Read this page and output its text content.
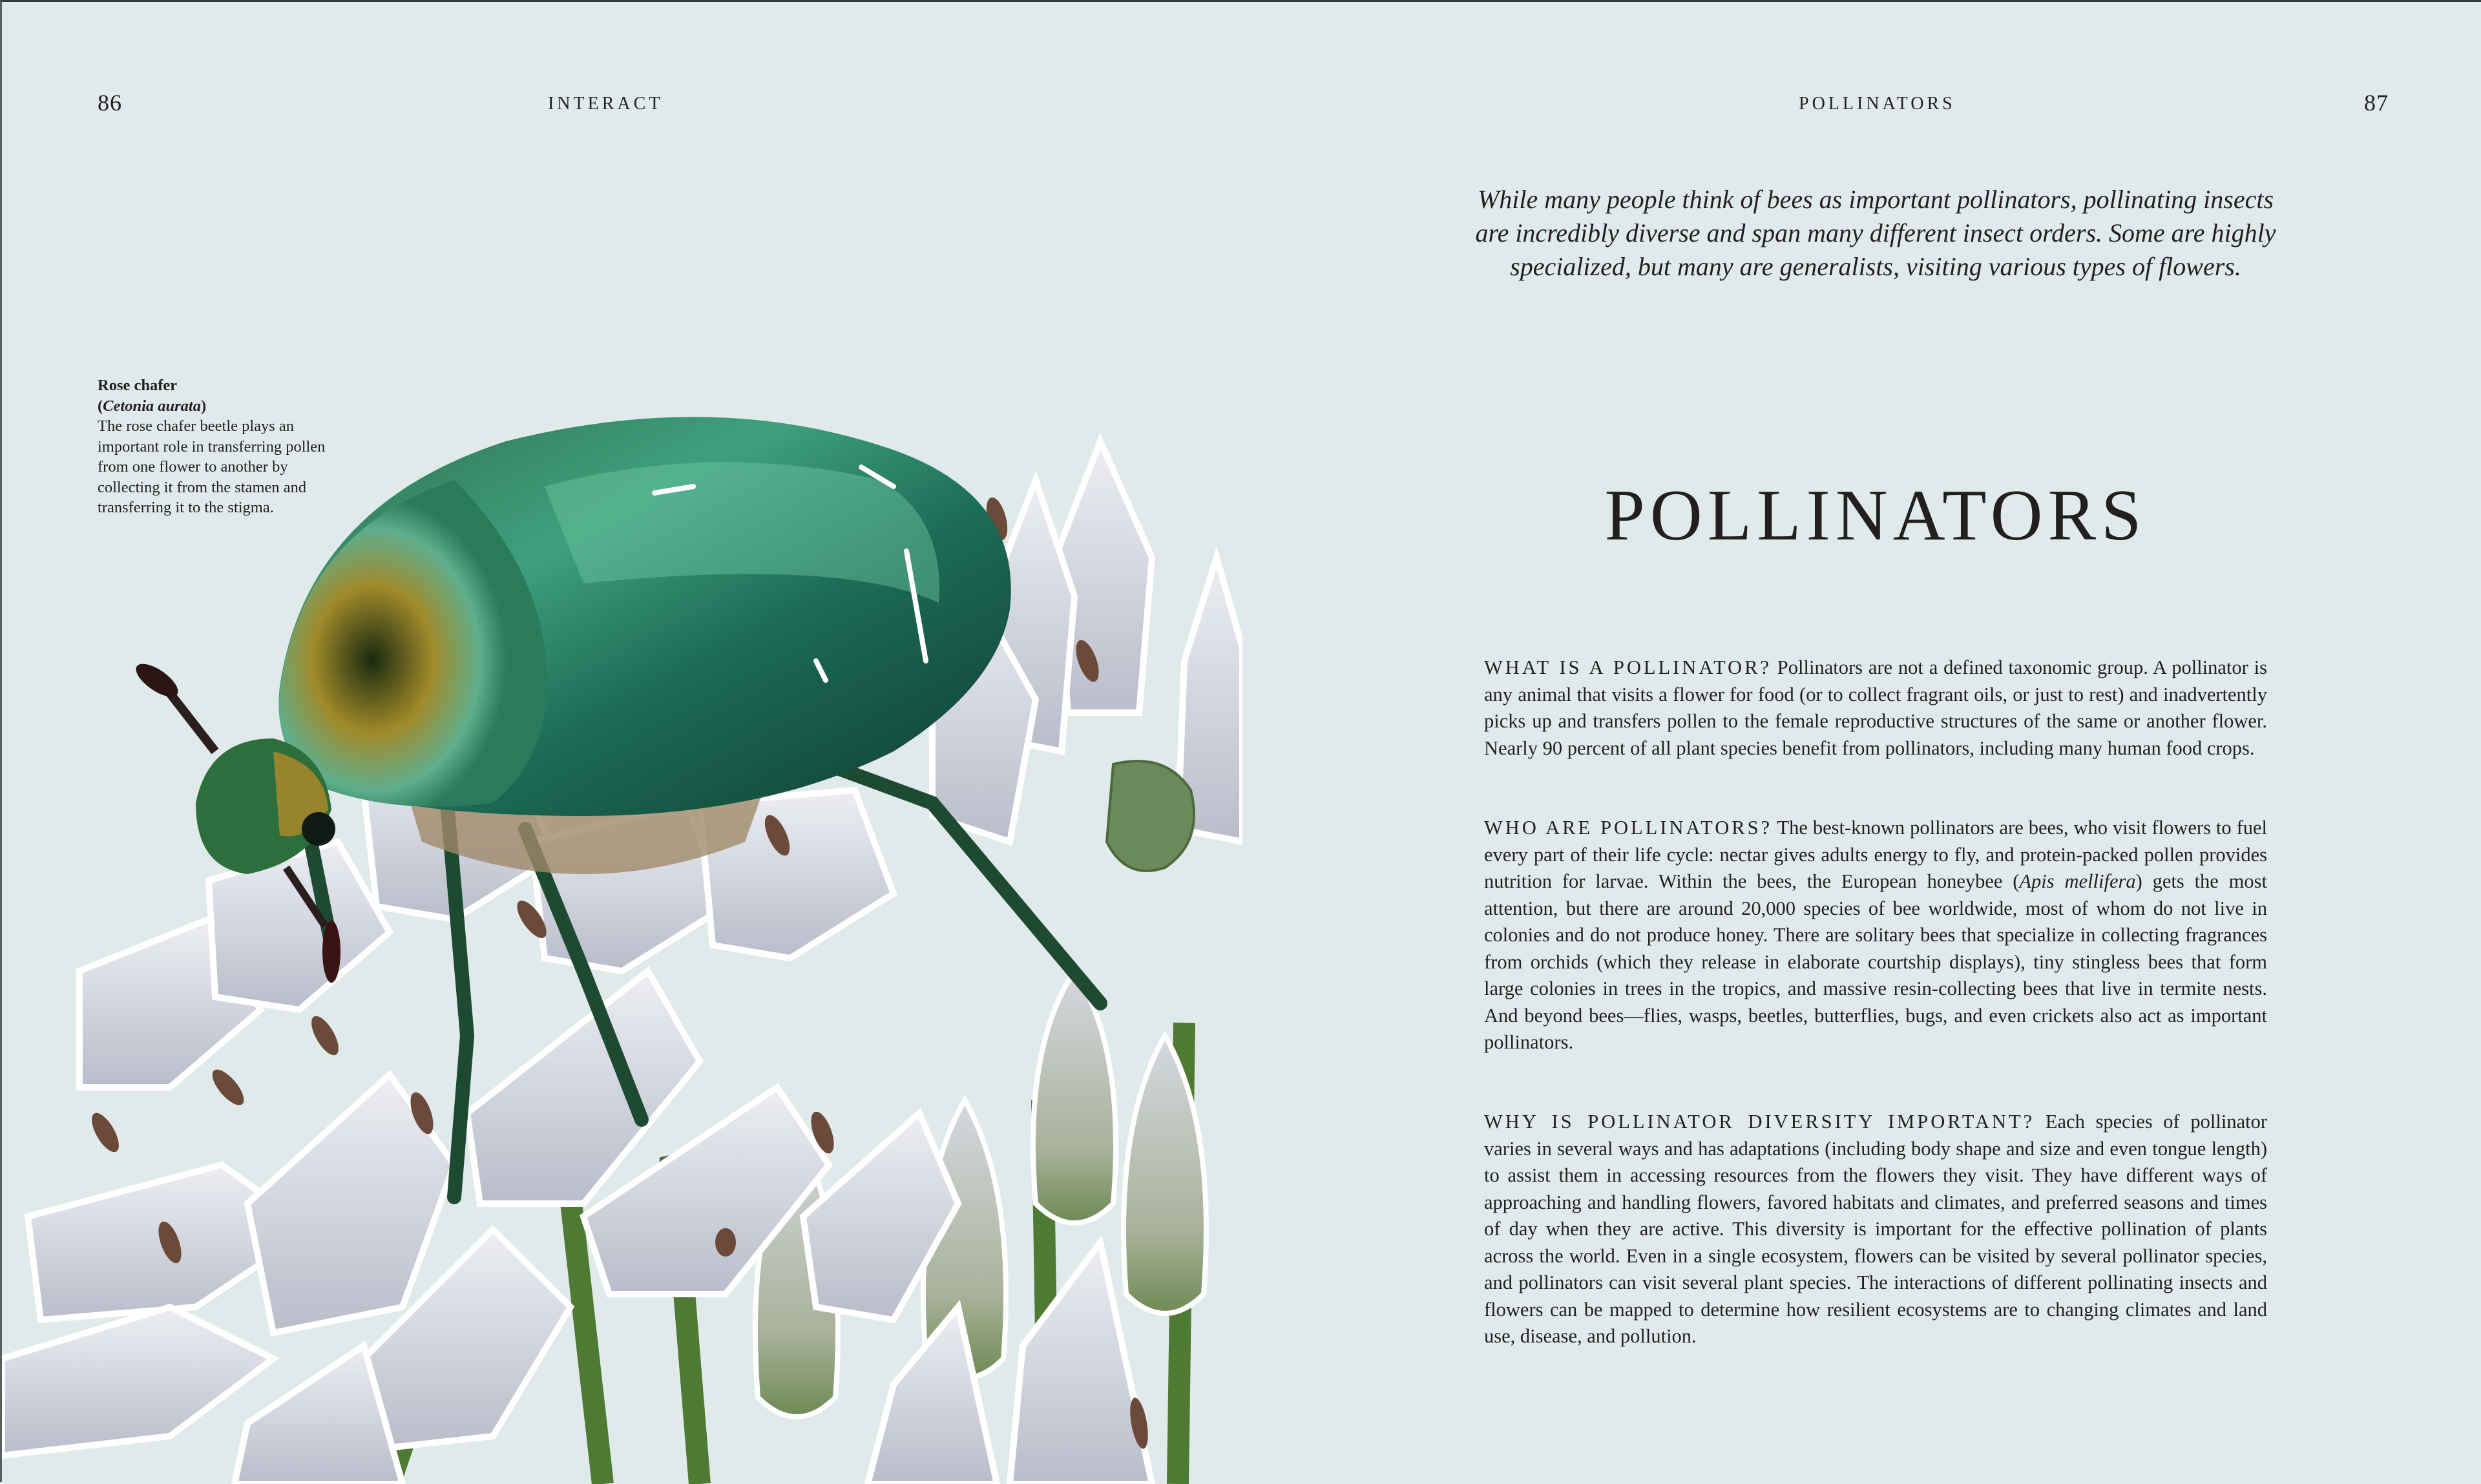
86	INTERACT
Rose chafer
(Cetonia aurata)
The rose chafer beetle plays an important role in transferring pollen from one flower to another by collecting it from the stamen and transferring it to the stigma.
POLLINATORS	87
While many people think of bees as important pollinators, pollinating insects are incredibly diverse and span many different insect orders. Some are highly specialized, but many are generalists, visiting various types of flowers.
POLLINATORS

WHAT IS A POLLINATOR? Pollinators are not a defined taxonomic group. A pollinator is any animal that visits a flower for food (or to collect fragrant oils, or just to rest) and inadvertently picks up and transfers pollen to the female reproductive structures of the same or another flower. Nearly 90 percent of all plant species benefit from pollinators, including many human food crops.

WHO ARE POLLINATORS? The best-known pollinators are bees, who visit flowers to fuel every part of their life cycle: nectar gives adults energy to fly, and protein-packed pollen provides nutrition for larvae. Within the bees, the European honeybee (Apis mellifera) gets the most attention, but there are around 20,000 species of bee worldwide, most of whom do not live in colonies and do not produce honey. There are solitary bees that specialize in collecting fragrances from orchids (which they release in elaborate courtship displays), tiny stingless bees that form large colonies in trees in the tropics, and massive resin-collecting bees that live in termite nests. And beyond bees—flies, wasps, beetles, butterflies, bugs, and even crickets also act as important pollinators.

WHY IS POLLINATOR DIVERSITY IMPORTANT? Each species of pollinator varies in several ways and has adaptations (including body shape and size and even tongue length) to assist them in accessing resources from the flowers they visit. They have different ways of approaching and handling flowers, favored habitats and climates, and preferred seasons and times of day when they are active. This diversity is important for the effective pollination of plants across the world. Even in a single ecosystem, flowers can be visited by several pollinator species, and pollinators can visit several plant species. The interactions of different pollinating insects and flowers can be mapped to determine how resilient ecosystems are to changing climates and land use, disease, and pollution.
